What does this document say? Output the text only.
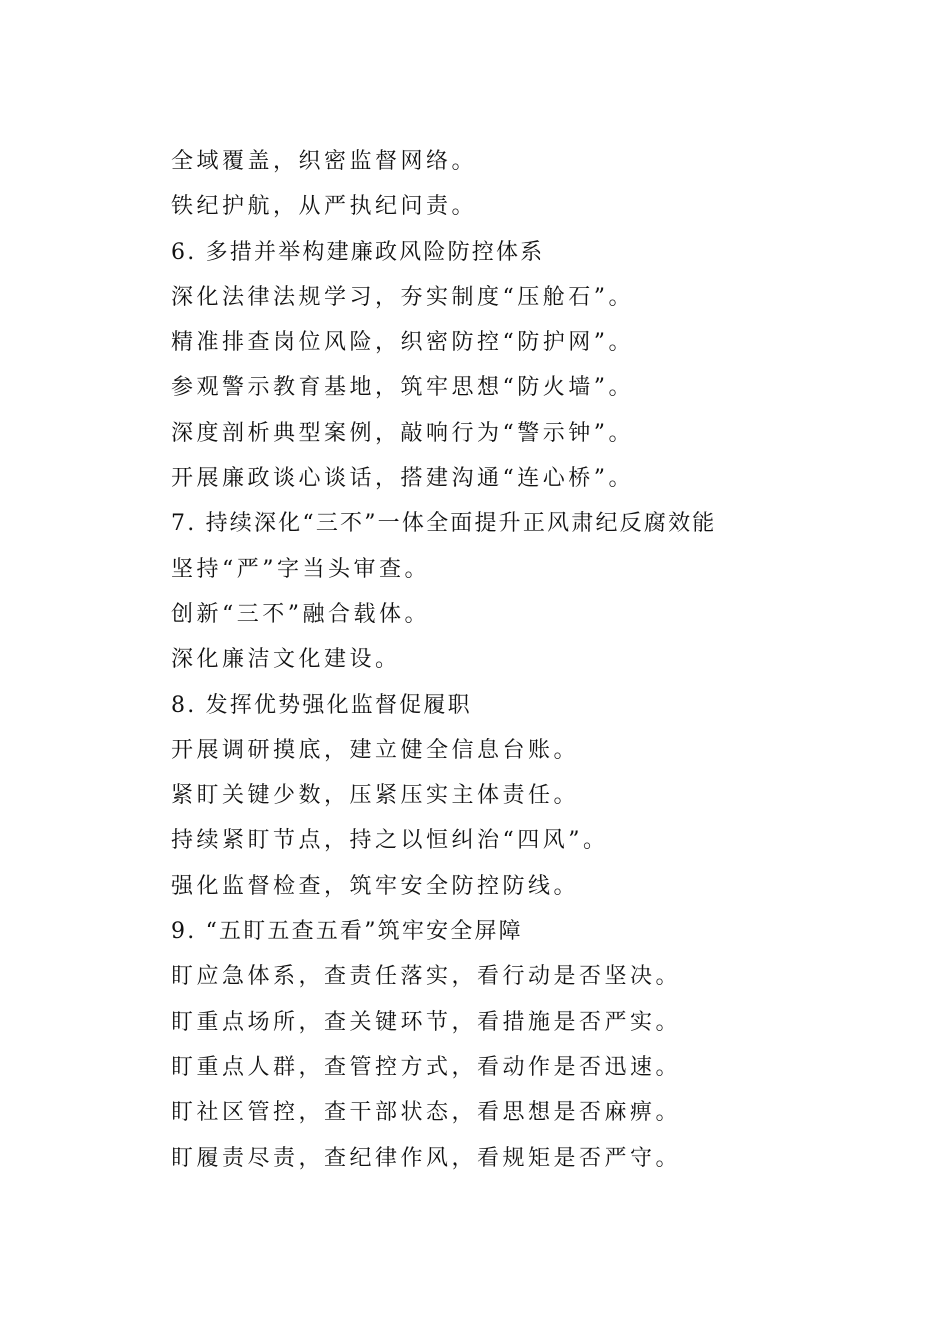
全域覆盖，织密监督网络。
铁纪护航，从严执纪问责。
6. 多措并举构建廉政风险防控体系
深化法律法规学习，夯实制度“压舱石”。
精准排查岗位风险，织密防控“防护网”。
参观警示教育基地，筑牢思想“防火墙”。
深度剖析典型案例，敲响行为“警示钟”。
开展廉政谈心谈话，搭建沟通“连心桥”。
7. 持续深化“三不”一体全面提升正风肃纪反腐效能
坚持“严”字当头审查。
创新“三不”融合载体。
深化廉洁文化建设。
8. 发挥优势强化监督促履职
开展调研摸底，建立健全信息台账。
紧盯关键少数，压紧压实主体责任。
持续紧盯节点，持之以恒纠治“四风”。
强化监督检查，筑牢安全防控防线。
9. “五盯五查五看”筑牢安全屏障
盯应急体系，查责任落实，看行动是否坚决。
盯重点场所，查关键环节，看措施是否严实。
盯重点人群，查管控方式，看动作是否迅速。
盯社区管控，查干部状态，看思想是否麻痹。
盯履责尽责，查纪律作风，看规矩是否严守。
